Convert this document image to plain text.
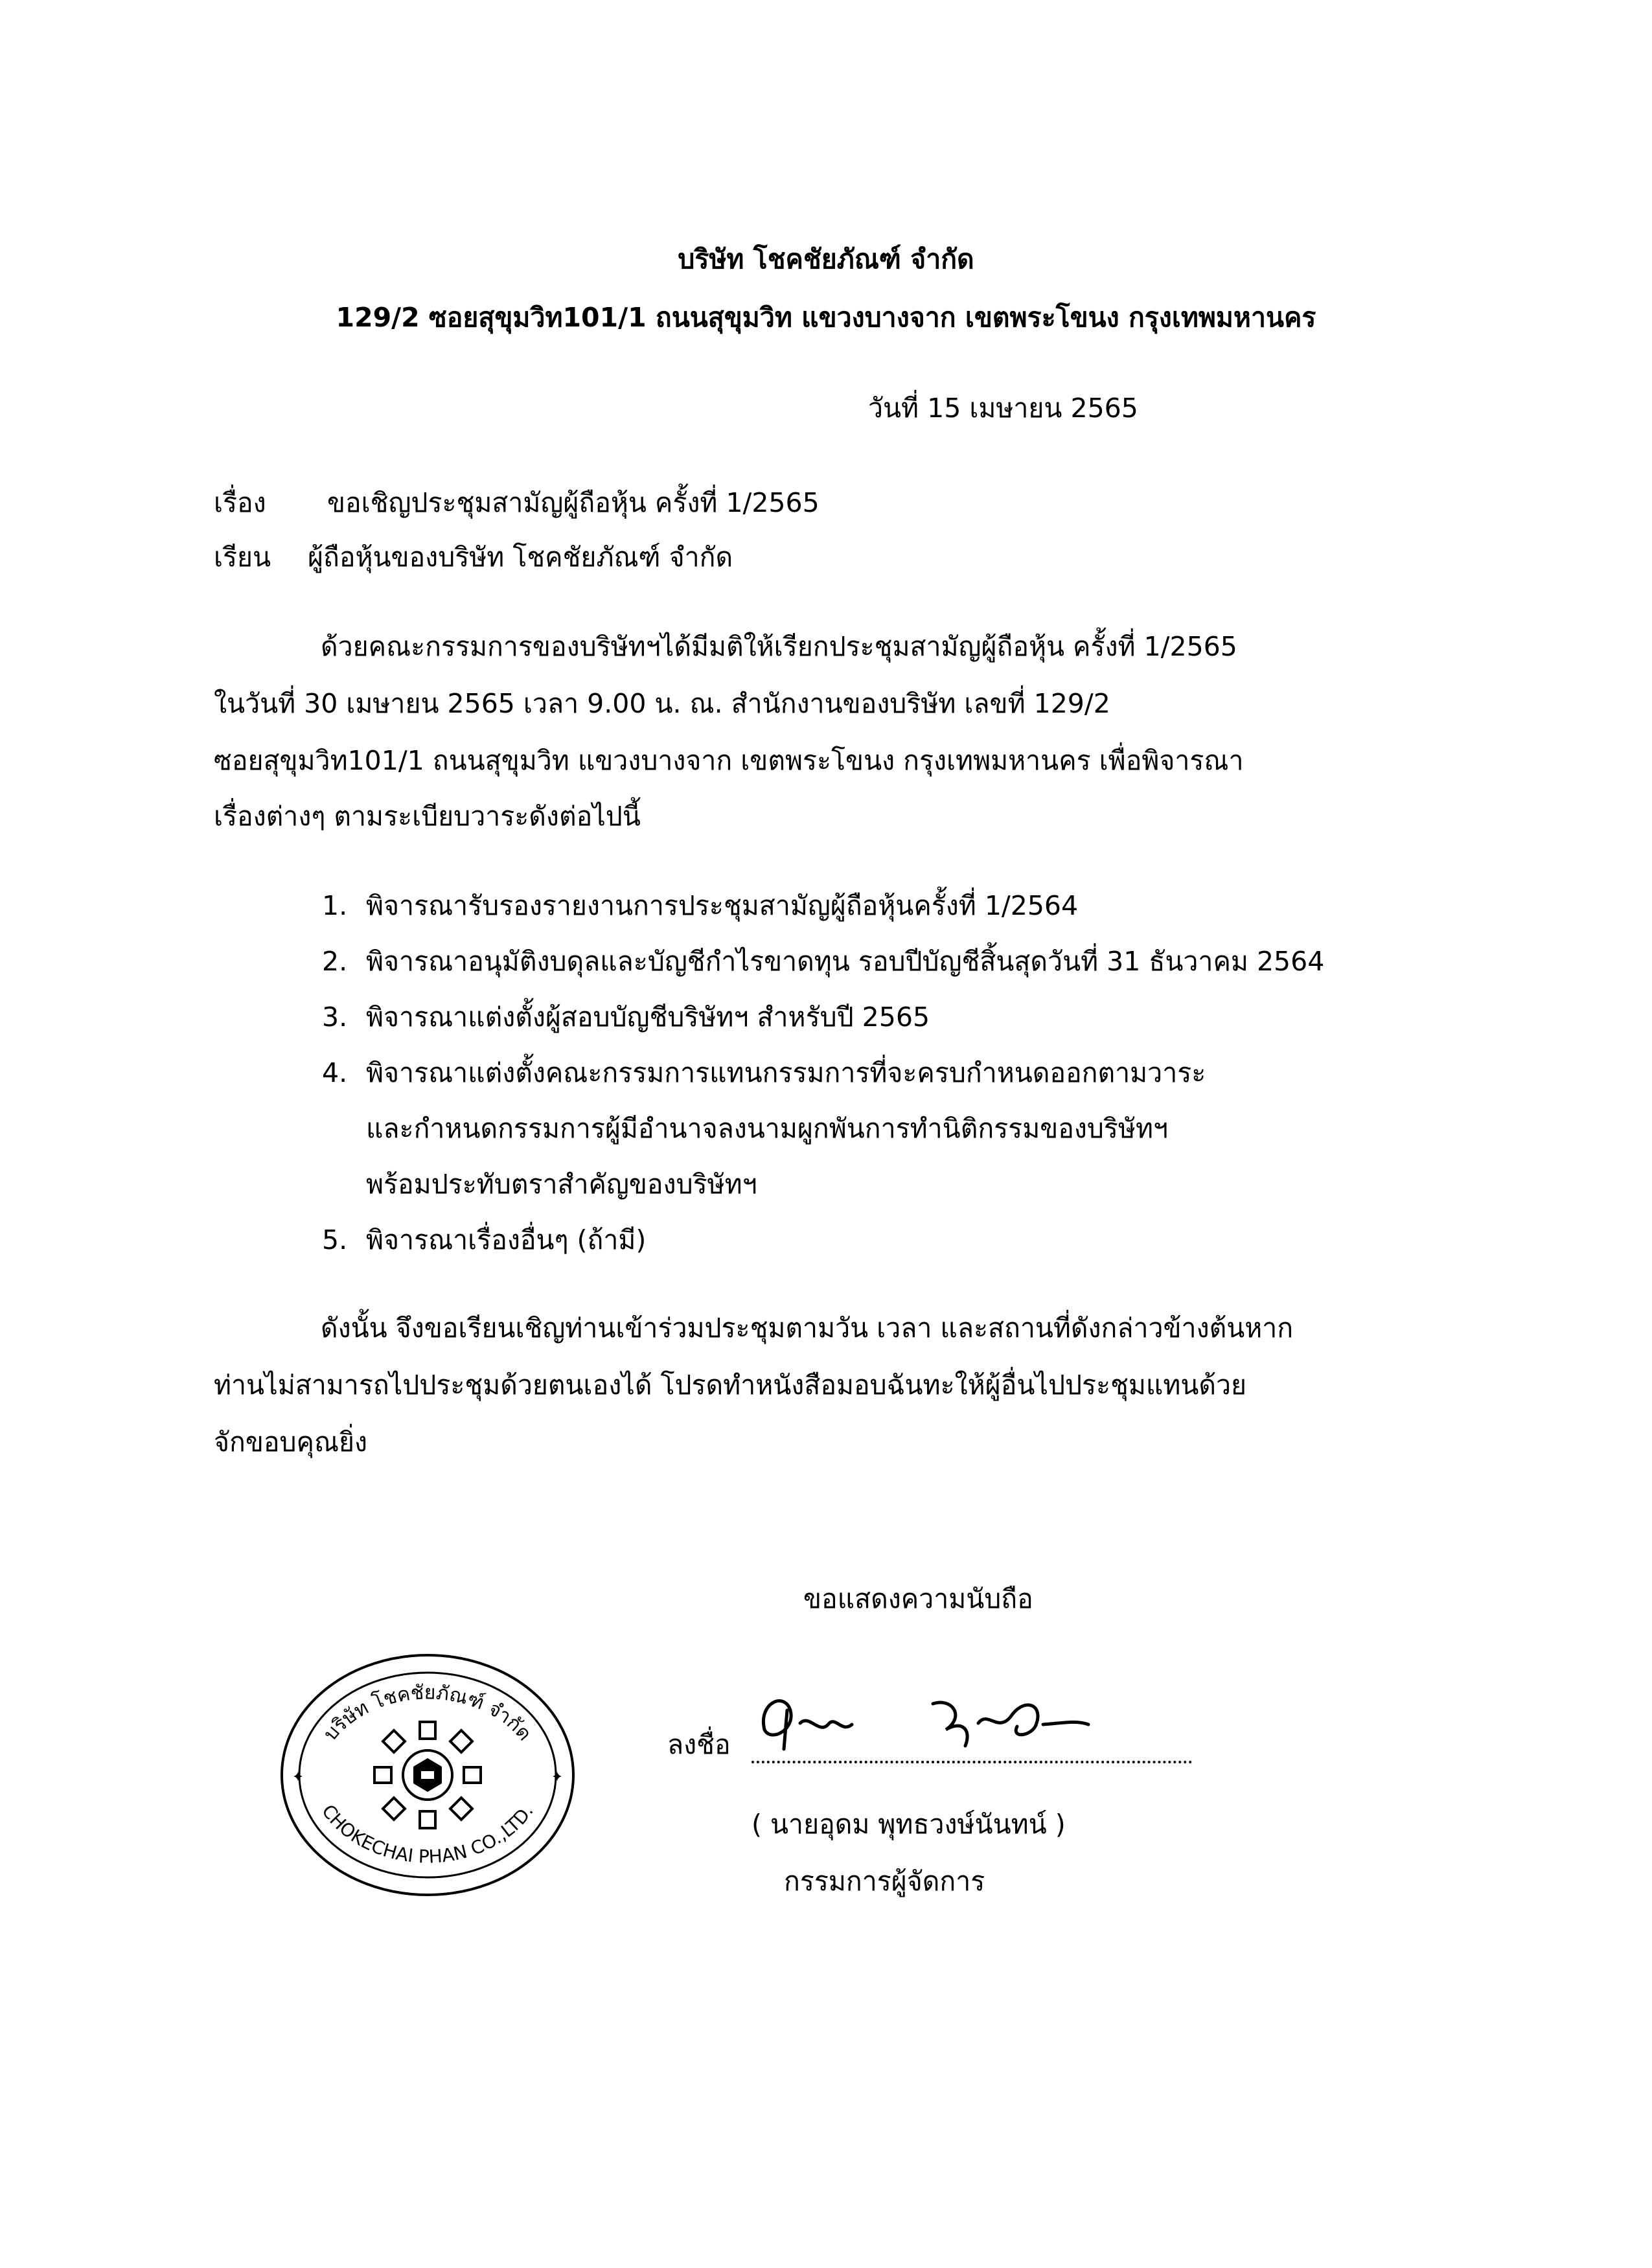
บริษัท โชคชัยภัณฑ์ จำกัด
129/2 ซอยสุขุมวิท101/1 ถนนสุขุมวิท แขวงบางจาก เขตพระโขนง กรุงเทพมหานคร
วันที่ 15 เมษายน 2565
เรื่อง ขอเชิญประชุมสามัญผู้ถือหุ้น ครั้งที่ 1/2565
เรียน ผู้ถือหุ้นของบริษัท โชคชัยภัณฑ์ จำกัด
ด้วยคณะกรรมการของบริษัทฯได้มีมติให้เรียกประชุมสามัญผู้ถือหุ้น ครั้งที่ 1/2565
ในวันที่ 30 เมษายน 2565 เวลา 9.00 น. ณ. สำนักงานของบริษัท เลขที่ 129/2
ซอยสุขุมวิท101/1 ถนนสุขุมวิท แขวงบางจาก เขตพระโขนง กรุงเทพมหานคร เพื่อพิจารณา
เรื่องต่างๆ ตามระเบียบวาระดังต่อไปนี้
1. พิจารณารับรองรายงานการประชุมสามัญผู้ถือหุ้นครั้งที่ 1/2564
2. พิจารณาอนุมัติงบดุลและบัญชีกำไรขาดทุน รอบปีบัญชีสิ้นสุดวันที่ 31 ธันวาคม 2564
3. พิจารณาแต่งตั้งผู้สอบบัญชีบริษัทฯ สำหรับปี 2565
4. พิจารณาแต่งตั้งคณะกรรมการแทนกรรมการที่จะครบกำหนดออกตามวาระ
และกำหนดกรรมการผู้มีอำนาจลงนามผูกพันการทำนิติกรรมของบริษัทฯ
พร้อมประทับตราสำคัญของบริษัทฯ
5. พิจารณาเรื่องอื่นๆ (ถ้ามี)
ดังนั้น จึงขอเรียนเชิญท่านเข้าร่วมประชุมตามวัน เวลา และสถานที่ดังกล่าวข้างต้นหาก
ท่านไม่สามารถไปประชุมด้วยตนเองได้ โปรดทำหนังสือมอบฉันทะให้ผู้อื่นไปประชุมแทนด้วย
จักขอบคุณยิ่ง
ขอแสดงความนับถือ
บริษัท โชคชัยภัณฑ์ จำกัด
CHOKECHAI PHAN CO.,LTD.
✦	✦
ลงชื่อ
( นายอุดม พุทธวงษ์นันทน์ )
กรรมการผู้จัดการ
